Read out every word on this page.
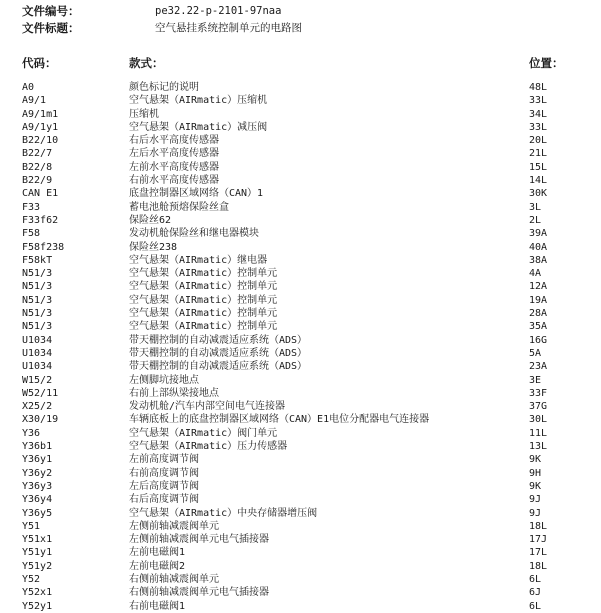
文件编号：	pe32.22-p-2101-97naa
文件标题：	空气悬挂系统控制单元的电路图
代码：	款式：	位置：
A0	颜色标记的说明	48L
A9/1	空气悬架（AIRmatic）压缩机	33L
A9/1m1	压缩机	34L
A9/1y1	空气悬架（AIRmatic）减压阀	33L
B22/10	右后水平高度传感器	20L
B22/7	左后水平高度传感器	21L
B22/8	左前水平高度传感器	15L
B22/9	右前水平高度传感器	14L
CAN E1	底盘控制器区域网络（CAN）1	30K
F33	蓄电池舱预熔保险丝盒	3L
F33f62	保险丝62	2L
F58	发动机舱保险丝和继电器模块	39A
F58f238	保险丝238	40A
F58kT	空气悬架（AIRmatic）继电器	38A
N51/3	空气悬架（AIRmatic）控制单元	4A
N51/3	空气悬架（AIRmatic）控制单元	12A
N51/3	空气悬架（AIRmatic）控制单元	19A
N51/3	空气悬架（AIRmatic）控制单元	28A
N51/3	空气悬架（AIRmatic）控制单元	35A
U1034	带天棚控制的自动减震适应系统（ADS）	16G
U1034	带天棚控制的自动减震适应系统（ADS）	5A
U1034	带天棚控制的自动减震适应系统（ADS）	23A
W15/2	左侧脚坑接地点	3E
W52/11	右前上部纵梁接地点	33F
X25/2	发动机舱/汽车内部空间电气连接器	37G
X30/19	车辆底板上的底盘控制器区域网络（CAN）E1电位分配器电气连接器	30L
Y36	空气悬架（AIRmatic）阀门单元	11L
Y36b1	空气悬架（AIRmatic）压力传感器	13L
Y36y1	左前高度调节阀	9K
Y36y2	右前高度调节阀	9H
Y36y3	左后高度调节阀	9K
Y36y4	右后高度调节阀	9J
Y36y5	空气悬架（AIRmatic）中央存储器增压阀	9J
Y51	左侧前轴减震阀单元	18L
Y51x1	左侧前轴减震阀单元电气插接器	17J
Y51y1	左前电磁阀1	17L
Y51y2	左前电磁阀2	18L
Y52	右侧前轴减震阀单元	6L
Y52x1	右侧前轴减震阀单元电气插接器	6J
Y52y1	右前电磁阀1	6L
